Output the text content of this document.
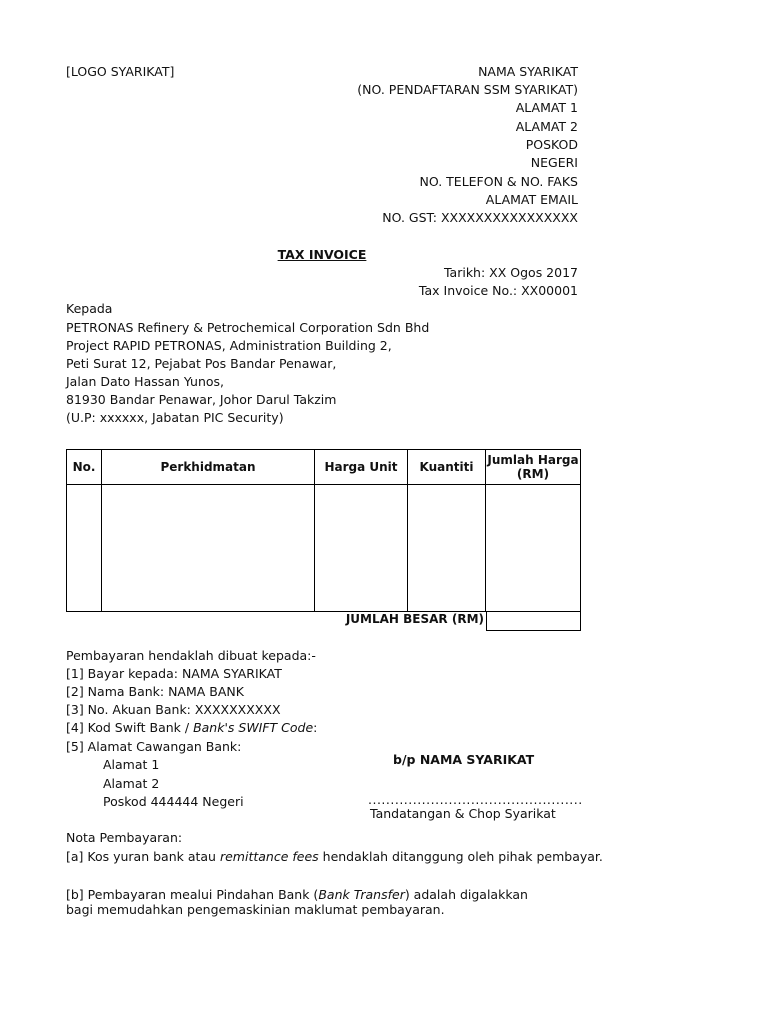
[LOGO SYARIKAT]	NAMA SYARIKAT
(NO. PENDAFTARAN SSM SYARIKAT)
ALAMAT 1
ALAMAT 2
POSKOD
NEGERI
NO. TELEFON & NO. FAKS
ALAMAT EMAIL
NO. GST: XXXXXXXXXXXXXXXX
TAX INVOICE
Tarikh: XX Ogos 2017
Tax Invoice No.: XX00001
Kepada
PETRONAS Refinery & Petrochemical Corporation Sdn Bhd
Project RAPID PETRONAS, Administration Building 2,
Peti Surat 12, Pejabat Pos Bandar Penawar,
Jalan Dato Hassan Yunos,
81930 Bandar Penawar, Johor Darul Takzim
(U.P: xxxxxx, Jabatan PIC Security)
No.	Perkhidmatan	Harga Unit	Kuantiti	Jumlah Harga (RM)

JUMLAH BESAR (RM)
Pembayaran hendaklah dibuat kepada:-
[1] Bayar kepada: NAMA SYARIKAT
[2] Nama Bank: NAMA BANK
[3] No. Akuan Bank: XXXXXXXXXX
[4] Kod Swift Bank / Bank's SWIFT Code:
[5] Alamat Cawangan Bank:
Alamat 1
Alamat 2
Poskod 444444 Negeri
b/p NAMA SYARIKAT
................................................
Tandatangan & Chop Syarikat
Nota Pembayaran:
[a] Kos yuran bank atau remittance fees hendaklah ditanggung oleh pihak pembayar.
[b] Pembayaran mealui Pindahan Bank (Bank Transfer) adalah digalakkan bagi memudahkan pengemaskinian maklumat pembayaran.
